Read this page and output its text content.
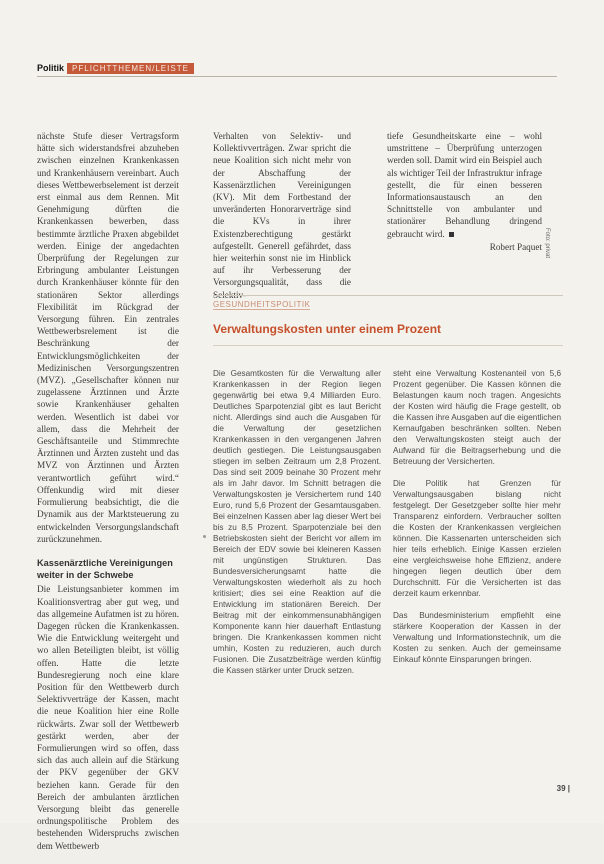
Politik	PFLICHTTHEMEN/LEISTE

nächste Stufe dieser Vertragsform hätte sich widerstandsfrei abzuheben zwischen einzelnen Krankenkassen und Krankenhäusern vereinbart. Auch dieses Wettbewerbselement ist derzeit erst einmal aus dem Rennen. Mit Genehmigung dürften die Krankenkassen bewerben, dass bestimmte ärztliche Praxen abgebildet werden. Einige der angedachten Überprüfung der Regelungen zur Erbringung ambulanter Leistungen durch Krankenhäuser könnte für den stationären Sektor allerdings Flexibilität im Rückgrad der Versorgung führen. Ein zentrales Wettbewerbsrelement ist die Beschränkung der Entwicklungsmöglichkeiten der Medizinischen Versorgungszentren (MVZ). „Gesellschafter können nur zugelassene Ärztinnen und Ärzte sowie Krankenhäuser gehalten werden. Wesentlich ist dabei vor allem, dass die Mehrheit der Geschäftsanteile und Stimmrechte Ärztinnen und Ärzten zusteht und das MVZ von Ärztinnen und Ärzten verantwortlich geführt wird.“ Offenkundig wird mit dieser Formulierung beabsichtigt, die die Dynamik aus der Marktsteuerung zu entwickelnden Versorgungslandschaft zurückzunehmen.

Kassenärztliche Vereinigungen weiter in der Schwebe

Die Leistungsanbieter kommen im Koalitionsvertrag aber gut weg, und das allgemeine Aufatmen ist zu hören. Dagegen rücken die Krankenkassen. Wie die Entwicklung weitergeht und wo allen Beteiligten bleibt, ist völlig offen. Hatte die letzte Bundesregierung noch eine klare Position für den Wettbewerb durch Selektivverträge der Kassen, macht die neue Koalition hier eine Rolle rückwärts. Zwar soll der Wettbewerb gestärkt werden, aber der Formulierungen wird so offen, dass sich das auch allein auf die Stärkung der PKV gegenüber der GKV beziehen kann. Gerade für den Bereich der ambulanten ärztlichen Versorgung bleibt das generelle ordnungspolitische Problem des bestehenden Widerspruchs zwischen dem Wettbewerb

Verhalten von Selektiv- und Kollektivverträgen. Zwar spricht die neue Koalition sich nicht mehr von der Abschaffung der Kassenärztlichen Vereinigungen (KV). Mit dem Fortbestand der unveränderten Honorarverträge sind die KVs in ihrer Existenzberechtigung gestärkt aufgestellt. Generell gefährdet, dass hier weiterhin sonst nie im Hinblick auf ihr Verbesserung der Versorgungsqualität, dass die

tiefe Gesundheitskarte eine – wohl umstrittene – Überprüfung unterzogen werden soll. Damit wird ein Beispiel auch als wichtiger Teil der Infrastruktur infrage gestellt, die für einen besseren Informationsaustausch an den Schnittstelle von ambulanter und stationärer Behandlung dringend gebraucht wird.

Robert Paquet Foto: privat
GESUNDHEITSPOLITIK
Verwaltungskosten unter einem Prozent

Die Gesamtkosten für die Verwaltung aller Krankenkassen in der Region liegen gegenwärtig bei etwa 9,4 Milliarden Euro. Deutliches Sparpotenzial gibt es laut Bericht nicht. Allerdings sind auch die Ausgaben für die Verwaltung der gesetzlichen Krankenkassen in den vergangenen Jahren deutlich gestiegen. Die Leistungsausgaben stiegen im selben Zeitraum um 2,8 Prozent. Das sind seit 2009 beinahe 30 Prozent mehr als im Jahr davor. Im Schnitt betragen die Verwaltungskosten je Versichertem rund 140 Euro, rund 5,6 Prozent der Gesamtausgaben. Bei einzelnen Kassen aber lag dieser Wert bei bis zu 8,5 Prozent. Sparpotenziale bei den Betriebskosten sieht der Bericht vor allem im Bereich der EDV sowie bei kleineren Kassen mit ungünstigen Strukturen. Das Bundesversicherungsamt hatte die Verwaltungskosten wiederholt als zu hoch kritisiert; dies sei eine Reaktion auf die Entwicklung im stationären Bereich. Der Beitrag mit der einkommensunabhängigen Komponente kann hier dauerhaft Entlastung bringen. Die Krankenkassen kommen nicht umhin, Kosten zu reduzieren, auch durch Fusionen. Die Zusatzbeiträge werden künftig die Kassen stärker unter Druck setzen.

steht eine Verwaltung Kostenanteil von 5,6 Prozent gegenüber. Die Kassen können die Belastungen kaum noch tragen. Angesichts der Kosten wird häufig die Frage gestellt, ob die Kassen ihre Ausgaben auf die eigentlichen Kernaufgaben beschränken sollten. Neben den Verwaltungskosten steigt auch der Aufwand für die Beitragserhebung und die Betreuung der Versicherten.

Die Politik hat Grenzen für Verwaltungsausgaben bislang nicht festgelegt. Der Gesetzgeber sollte hier mehr Transparenz einfordern. Verbraucher sollten die Kosten der Krankenkassen vergleichen können. Die Kassenarten unterscheiden sich hier teils erheblich. Einige Kassen erzielen eine vergleichsweise hohe Effizienz, andere hingegen liegen deutlich über dem Durchschnitt. Für die Versicherten ist das derzeit kaum erkennbar.

Das Bundesministerium empfiehlt eine stärkere Kooperation der Kassen in der Verwaltung und Informationstechnik, um die Kosten zu senken. Auch der gemeinsame Einkauf könnte Einsparungen bringen.

39 |
